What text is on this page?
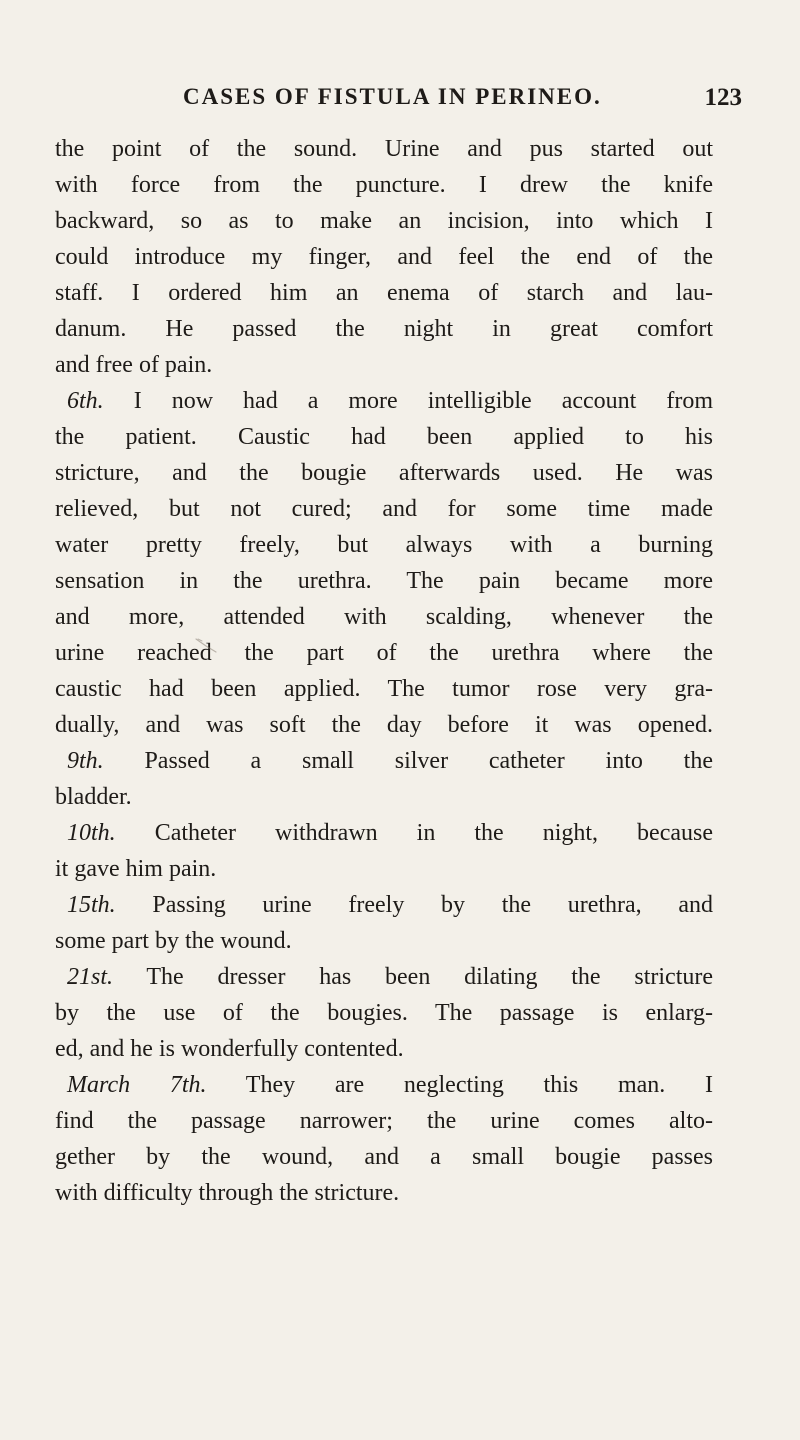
CASES OF FISTULA IN PERINEO.	123
the point of the sound. Urine and pus started out
with force from the puncture. I drew the knife
backward, so as to make an incision, into which I
could introduce my finger, and feel the end of the
staff. I ordered him an enema of starch and lau-
danum. He passed the night in great comfort
and free of pain.
6th. I now had a more intelligible account from
the patient. Caustic had been applied to his
stricture, and the bougie afterwards used. He was
relieved, but not cured; and for some time made
water pretty freely, but always with a burning
sensation in the urethra. The pain became more
and more, attended with scalding, whenever the
urine reached the part of the urethra where the
caustic had been applied. The tumor rose very gra-
dually, and was soft the day before it was opened.
9th. Passed a small silver catheter into the
bladder.
10th. Catheter withdrawn in the night, because
it gave him pain.
15th. Passing urine freely by the urethra, and
some part by the wound.
21st. The dresser has been dilating the stricture
by the use of the bougies. The passage is enlarg-
ed, and he is wonderfully contented.
March 7th. They are neglecting this man. I
find the passage narrower; the urine comes alto-
gether by the wound, and a small bougie passes
with difficulty through the stricture.
